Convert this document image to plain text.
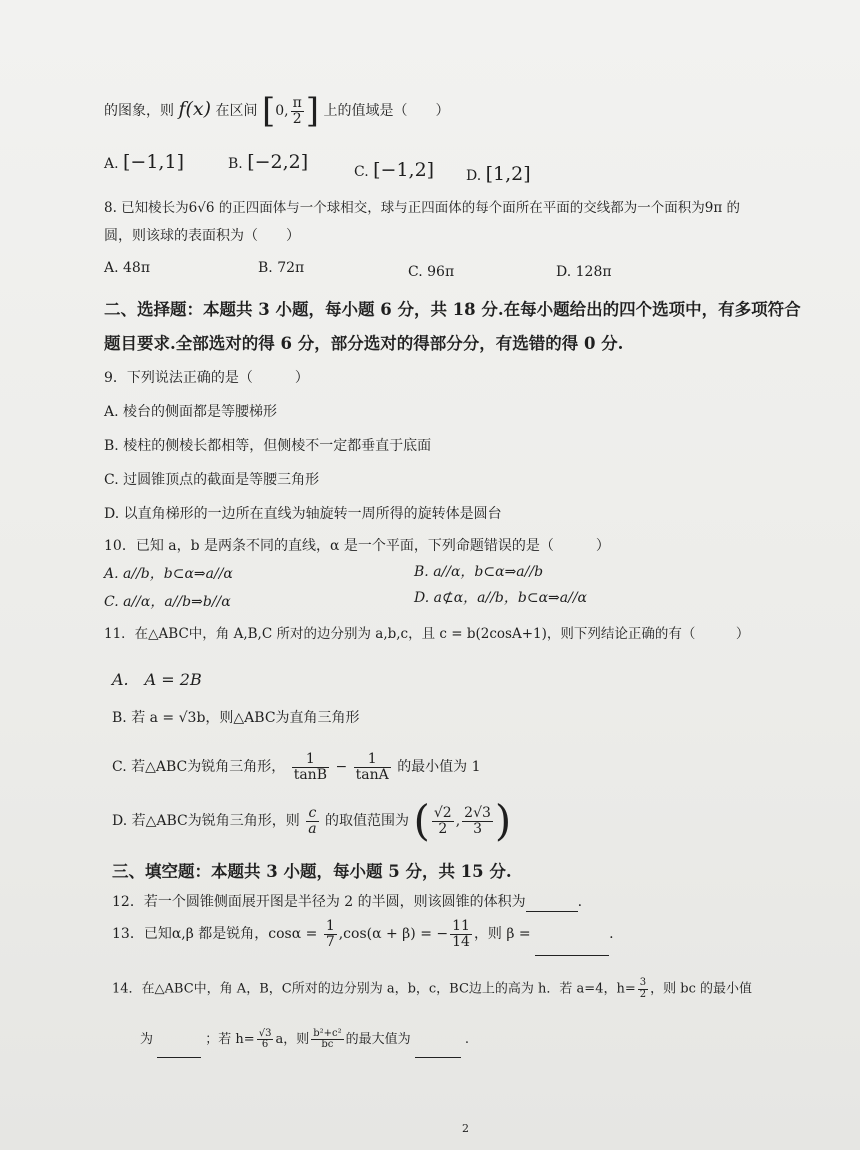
的图象，则 f(x) 在区间 [0, $\frac{\pi}{2}$ ] 上的值域是（　　）
A. [−1,1]	B. [−2,2]	C. [−1,2] D. [1,2]
8. 已知棱长为6√6 的正四面体与一个球相交，球与正四面体的每个面所在平面的交线都为一个面积为9π 的
圆，则该球的表面积为（　　）
A. 48π	B. 72π	C. 96π	D. 128π
二、选择题：本题共 3 小题，每小题 6 分，共 18 分.在每小题给出的四个选项中，有多项符合
题目要求.全部选对的得 6 分，部分选对的得部分分，有选错的得 0 分.
9．下列说法正确的是（　　　）
A. 棱台的侧面都是等腰梯形
B. 棱柱的侧棱长都相等，但侧棱不一定都垂直于底面
C. 过圆锥顶点的截面是等腰三角形
D. 以直角梯形的一边所在直线为轴旋转一周所得的旋转体是圆台
10．已知 a，b 是两条不同的直线，α 是一个平面，下列命题错误的是（　　　）
A. a//b，b⊂α⇒a//α	B. a//α，b⊂α⇒a//b
C. a//α，a//b⇒b//α	D. a⊄α，a//b，b⊂α⇒a//α
11．在△ABC中，角 A,B,C 所对的边分别为 a,b,c，且 c = b(2cosA+1)，则下列结论正确的有（　　　）
A.　A = 2B
B. 若 a = √3b，则△ABC为直角三角形
C. 若△ABC为锐角三角形， $\frac{1}{\tan B} - \frac{1}{\tan A}$ 的最小值为 1
D. 若△ABC为锐角三角形，则 $\frac{c}{a}$ 的取值范围为 ( $\frac{√2}{2}$ , $\frac{2√3}{3}$ )
三、填空题：本题共 3 小题，每小题 5 分，共 15 分.
12．若一个圆锥侧面展开图是半径为 2 的半圆，则该圆锥的体积为	.
13．已知α,β 都是锐角，$\cos\alpha = \frac{1}{7} ,\cos(\alpha + \beta)$ = − $\frac{11}{14}$ ，则 β =	.
14．在△ABC中，角 A，B，C所对的边分别为 a，b，c，BC边上的高为 h．若 a=4，$h= \frac{3}{2}$ ，则 bc 的最小值
为	；若 $h= \frac{√3}{6}$ a，则 $\frac{\text{b²+c²}}{bc}$ 的最大值为	.
2
